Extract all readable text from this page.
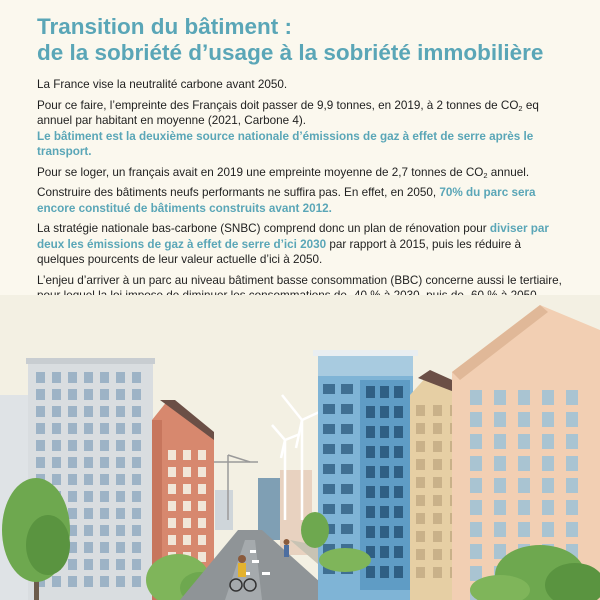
Transition du bâtiment :
de la sobriété d’usage à la sobriété immobilière

La France vise la neutralité carbone avant 2050.

Pour ce faire, l’empreinte des Français doit passer de 9,9 tonnes, en 2019, à 2 tonnes de $CO_2$ eq annuel par habitant en moyenne (2021, Carbone 4).
Le bâtiment est la deuxième source nationale d’émissions de gaz à effet de serre après le transport.

Pour se loger, un français avait en 2019 une empreinte moyenne de 2,7 tonnes de $CO_2$ annuel.

Construire des bâtiments neufs performants ne suffira pas. En effet, en 2050, 70% du parc sera encore constitué de bâtiments construits avant 2012.

La stratégie nationale bas-carbone (SNBC) comprend donc un plan de rénovation pour diviser par deux les émissions de gaz à effet de serre d’ici 2030 par rapport à 2015, puis les réduire à quelques pourcents de leur valeur actuelle d’ici à 2050.

L’enjeu d’arriver à un parc au niveau bâtiment basse consommation (BBC) concerne aussi le tertiaire,
